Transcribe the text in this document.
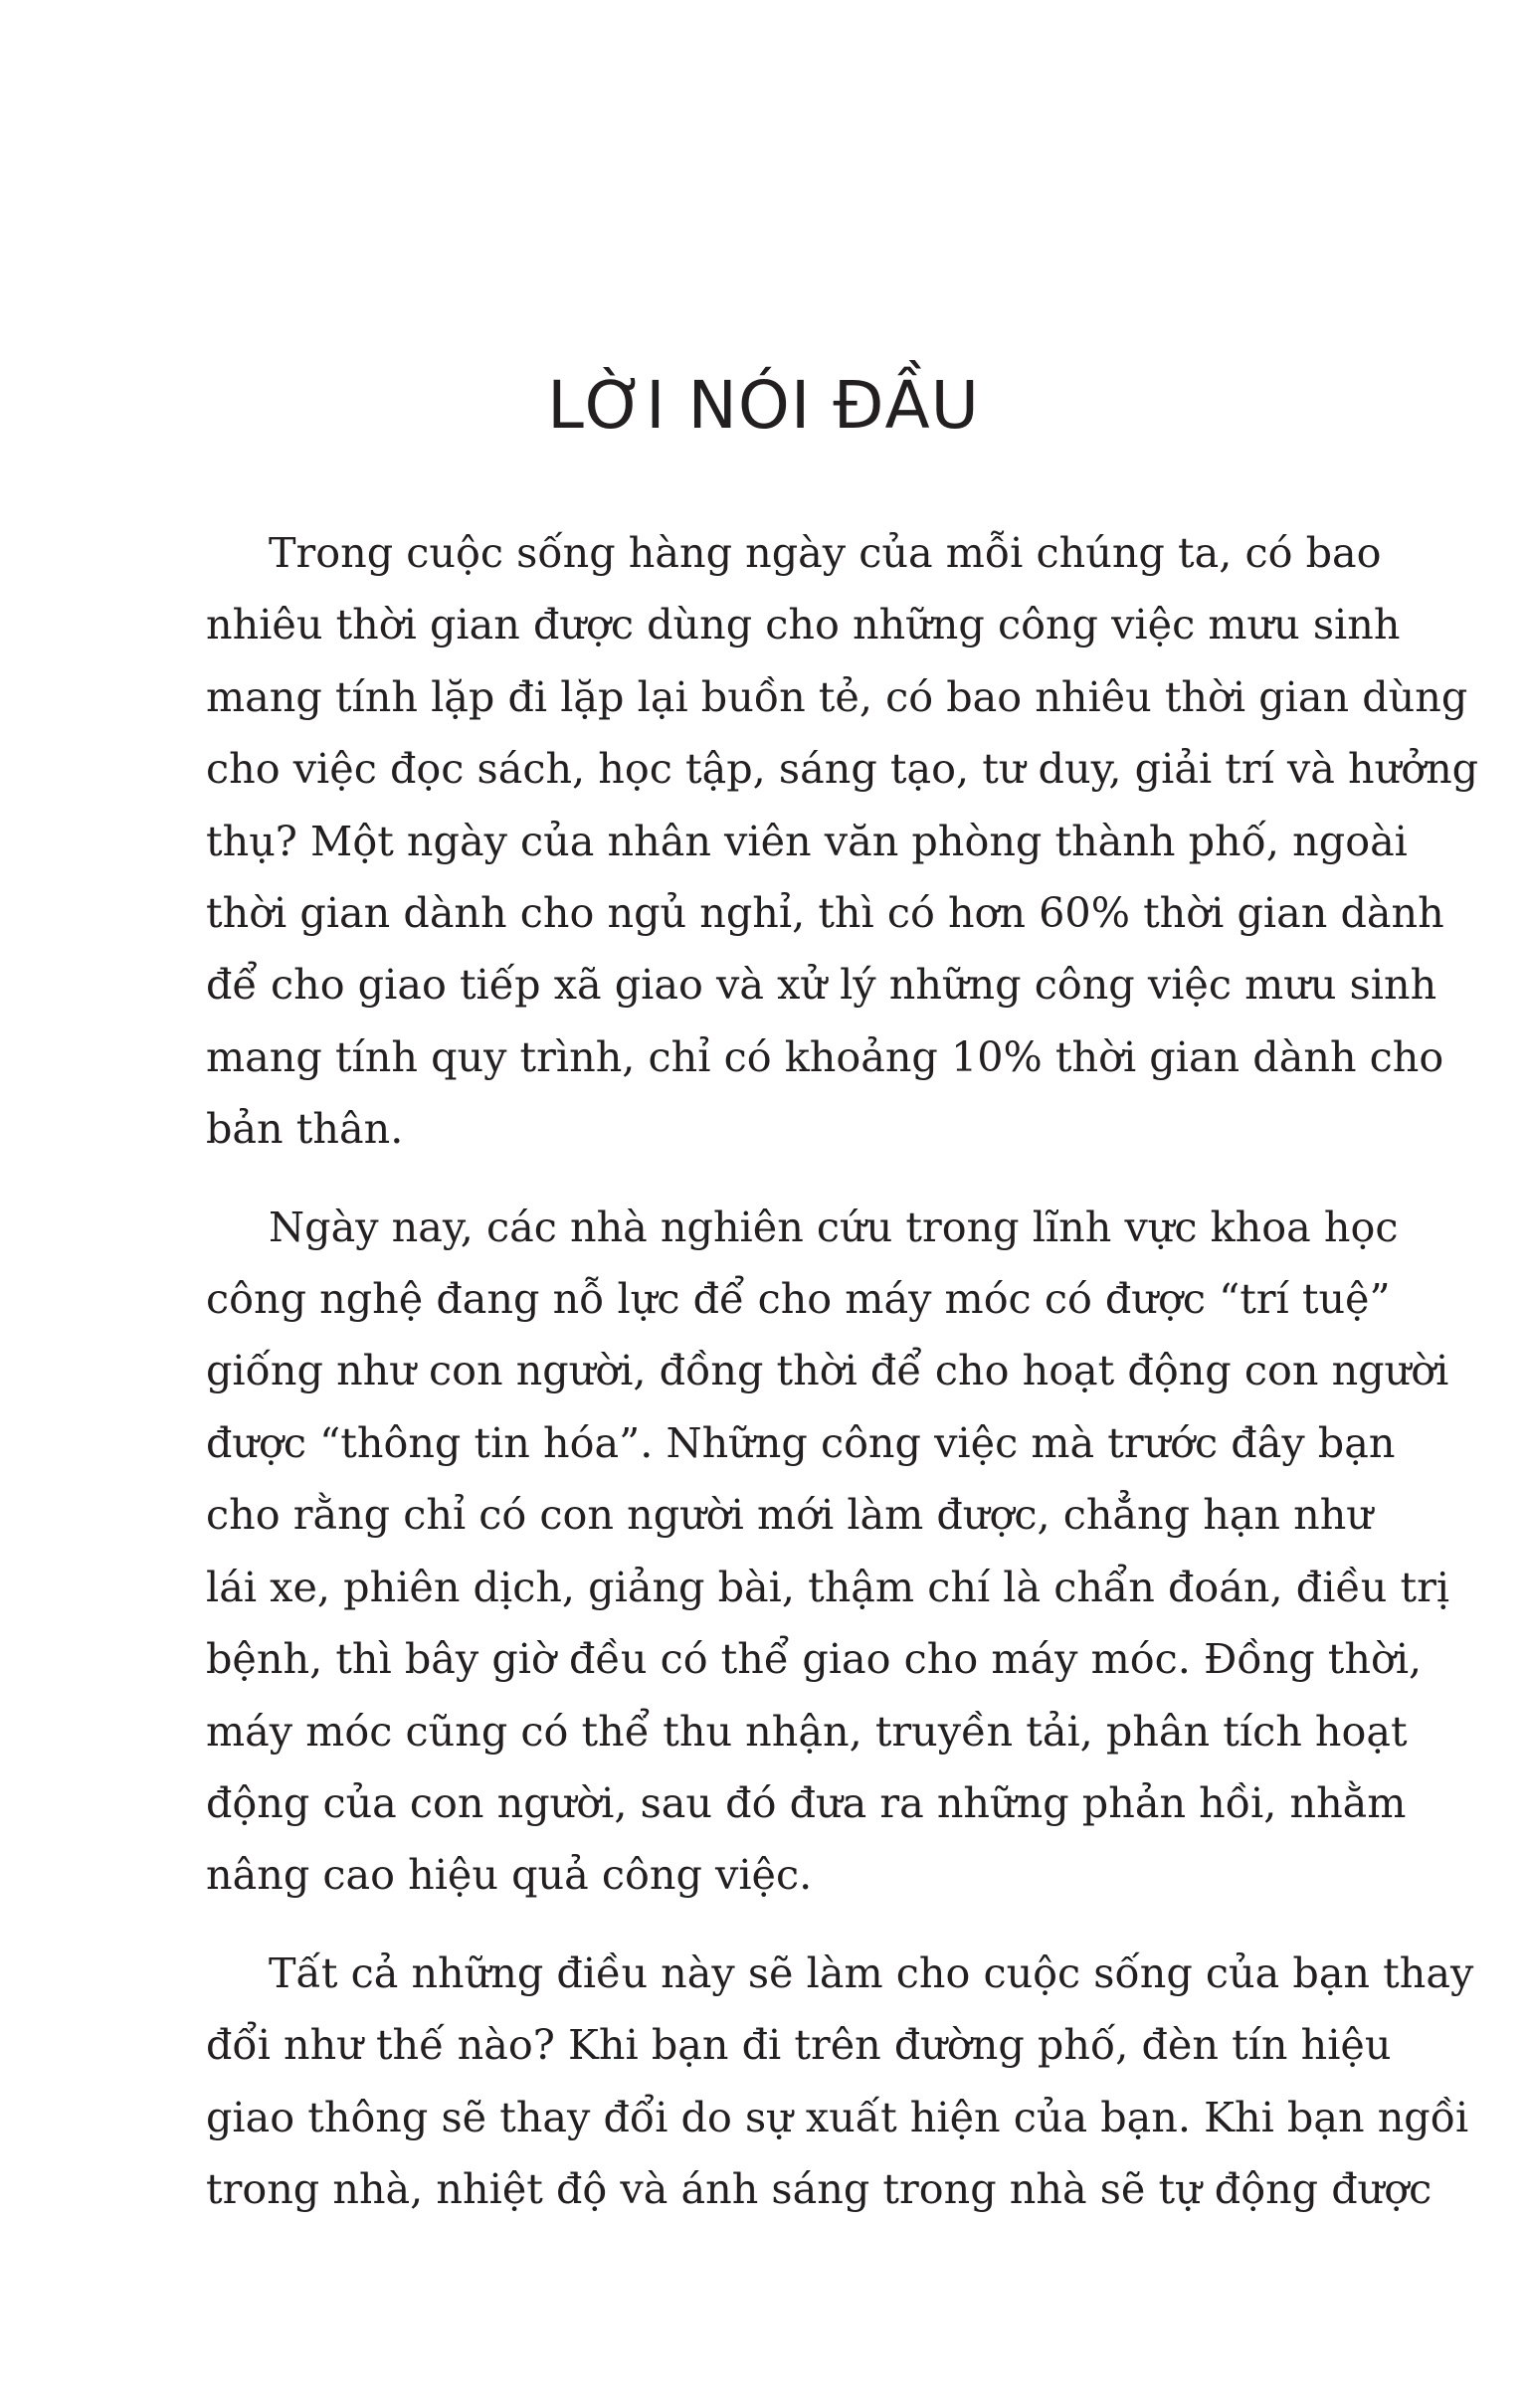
LỜI NÓI ĐẦU

Trong cuộc sống hàng ngày của mỗi chúng ta, có bao
nhiêu thời gian được dùng cho những công việc mưu sinh
mang tính lặp đi lặp lại buồn tẻ, có bao nhiêu thời gian dùng
cho việc đọc sách, học tập, sáng tạo, tư duy, giải trí và hưởng
thụ? Một ngày của nhân viên văn phòng thành phố, ngoài
thời gian dành cho ngủ nghỉ, thì có hơn 60% thời gian dành
để cho giao tiếp xã giao và xử lý những công việc mưu sinh
mang tính quy trình, chỉ có khoảng 10% thời gian dành cho
bản thân.

Ngày nay, các nhà nghiên cứu trong lĩnh vực khoa học
công nghệ đang nỗ lực để cho máy móc có được “trí tuệ”
giống như con người, đồng thời để cho hoạt động con người
được “thông tin hóa”. Những công việc mà trước đây bạn
cho rằng chỉ có con người mới làm được, chẳng hạn như
lái xe, phiên dịch, giảng bài, thậm chí là chẩn đoán, điều trị
bệnh, thì bây giờ đều có thể giao cho máy móc. Đồng thời,
máy móc cũng có thể thu nhận, truyền tải, phân tích hoạt
động của con người, sau đó đưa ra những phản hồi, nhằm
nâng cao hiệu quả công việc.

Tất cả những điều này sẽ làm cho cuộc sống của bạn thay
đổi như thế nào? Khi bạn đi trên đường phố, đèn tín hiệu
giao thông sẽ thay đổi do sự xuất hiện của bạn. Khi bạn ngồi
trong nhà, nhiệt độ và ánh sáng trong nhà sẽ tự động được
